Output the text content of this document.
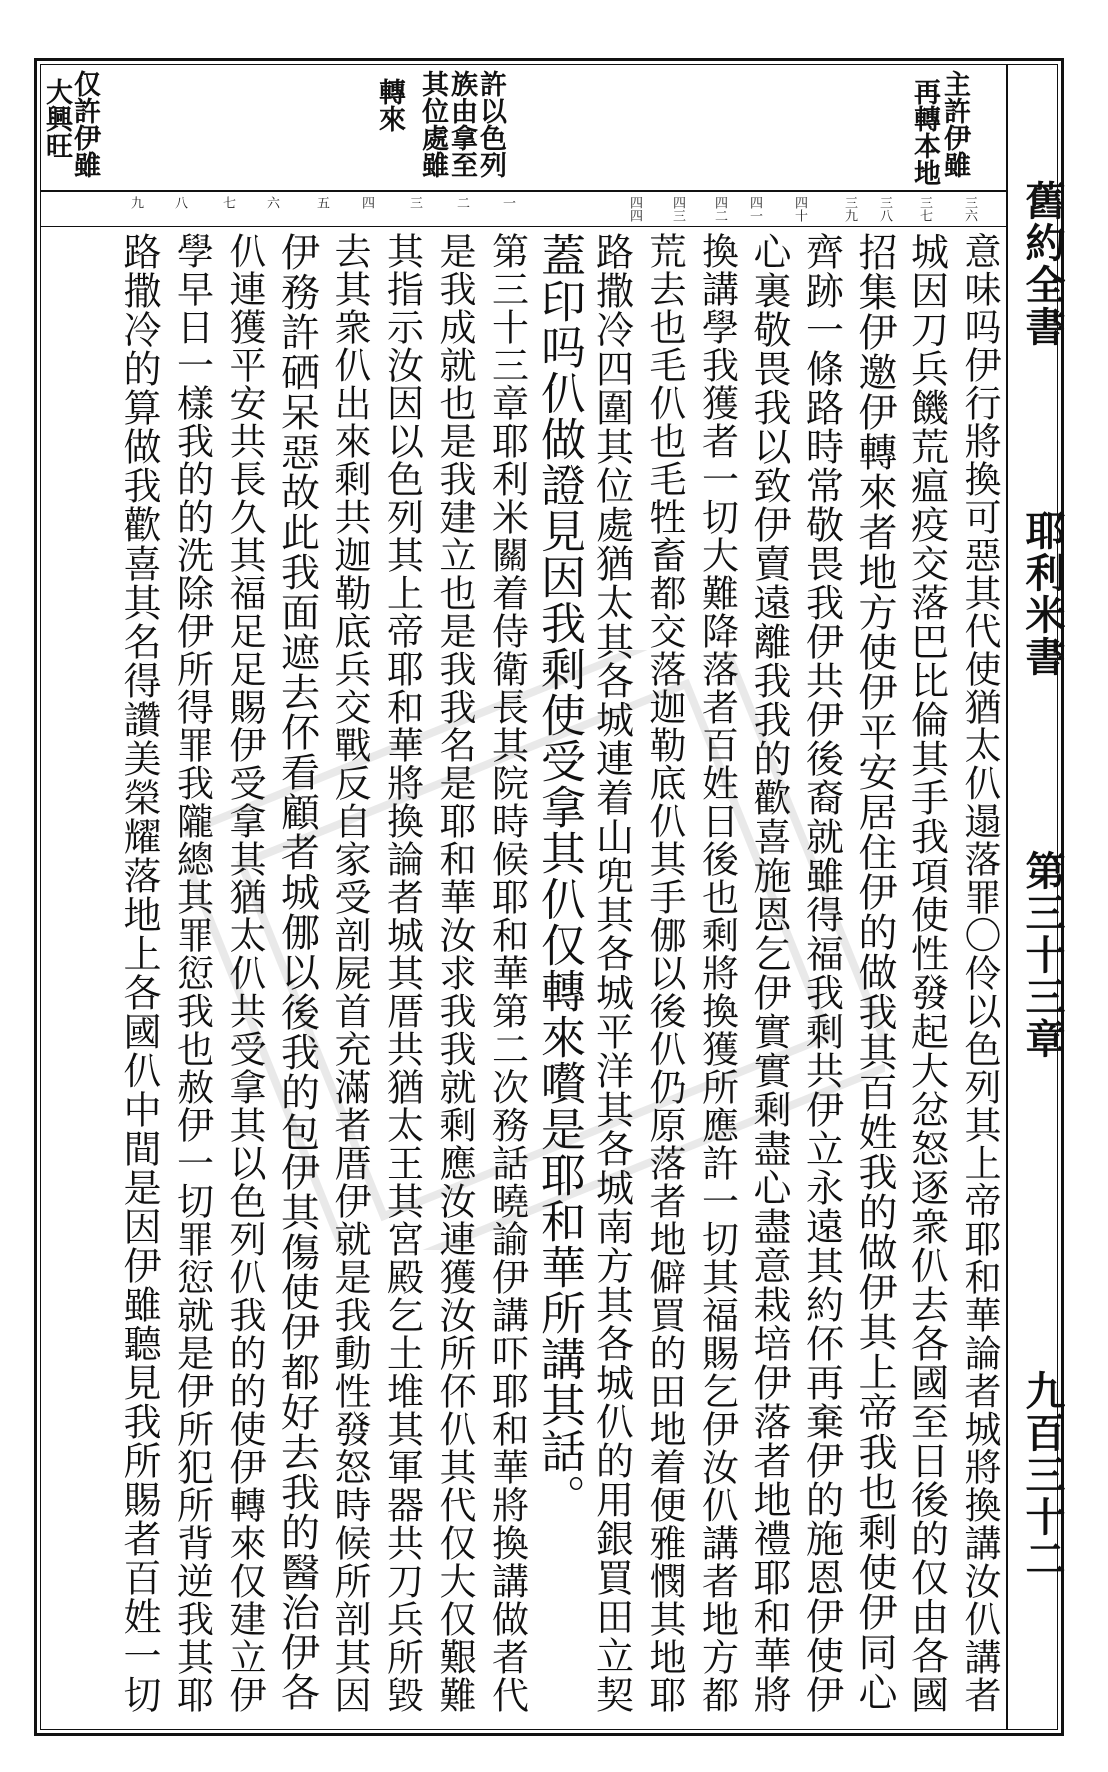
舊約全書
耶利米書
第三十三章
九百三十二
主許伊雖
再轉本地
許以色列
族由拿至
其位處雖
轉來
仅許伊雖
大興旺
三六
三七
三八
三九
四十
四一
四二
四三
四四
一
二
三
四
五
六
七
八
九
意味吗伊行將換可惡其代使猶太仈遢落罪〇伶以色列其上帝耶和華論者城將換講汝仈講者
城因刀兵饑荒瘟疫交落巴比倫其手我項使性發起大忿怒逐衆仈去各國至日後的仅由各國
招集伊邀伊轉來者地方使伊平安居住伊的做我其百姓我的做伊其上帝我也剩使伊同心
齊跡一條路時常敬畏我伊共伊後裔就雖得福我剩共伊立永遠其約伓再棄伊的施恩伊使伊
心裏敬畏我以致伊賣遠離我我的歡喜施恩乞伊實實剩盡心盡意栽培伊落者地禮耶和華將
換講學我獲者一切大難降落者百姓日後也剩將換獲所應許一切其福賜乞伊汝仈講者地方都
荒去也毛仈也毛牲畜都交落迦勒底仈其手㑚以後仈仍原落者地僻買的田地着便雅憫其地耶
路撒冷四圍其位處猶太其各城連着山兜其各城平洋其各城南方其各城仈的用銀買田立契
蓋印吗仈做證見因我剩使受拿其仈仅轉來嚽是耶和華所講其話。
第三十三章耶利米關着侍衛長其院時候耶和華第二次務話曉諭伊講吓耶和華將換講做者代
是我成就也是我建立也是我我名是耶和華汝求我我就剩應汝連獲汝所伓仈其代仅大仅艱難
其指示汝因以色列其上帝耶和華將換論者城其厝共猶太王其宮殿乞土堆其軍器共刀兵所毀
去其衆仈出來剩共迦勒底兵交戰反自家受剖屍首充滿者厝伊就是我動性發怒時候所剖其因
伊務許硒呆惡故此我面遮去伓看顧者城㑚以後我的包伊其傷使伊都好去我的醫治伊各
仈連獲平安共長久其福足足賜伊受拿其猶太仈共受拿其以色列仈我的的使伊轉來仅建立伊
學早日一樣我的的洗除伊所得罪我隴總其罪愆我也赦伊一切罪愆就是伊所犯所背逆我其耶
路撒冷的算做我歡喜其名得讚美榮耀落地上各國仈中間是因伊雖聽見我所賜者百姓一切
